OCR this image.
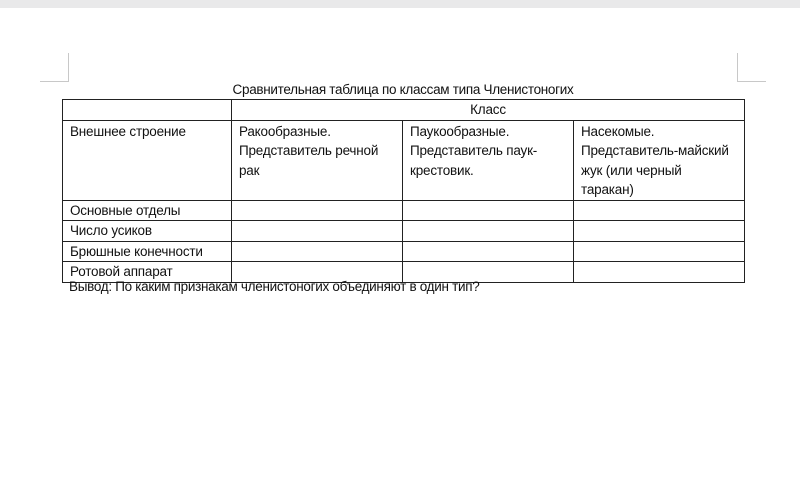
Сравнительная таблица по классам типа Членистоногих
	Класс		
Внешнее строение	Ракообразные. Представитель речной рак	Паукообразные. Представитель паук-крестовик.	Насекомые. Представитель-майский жук (или черный таракан)
Основные отделы			
Число усиков			
Брюшные конечности			
Ротовой аппарат			
Вывод: По каким признакам членистоногих объединяют в один тип?
